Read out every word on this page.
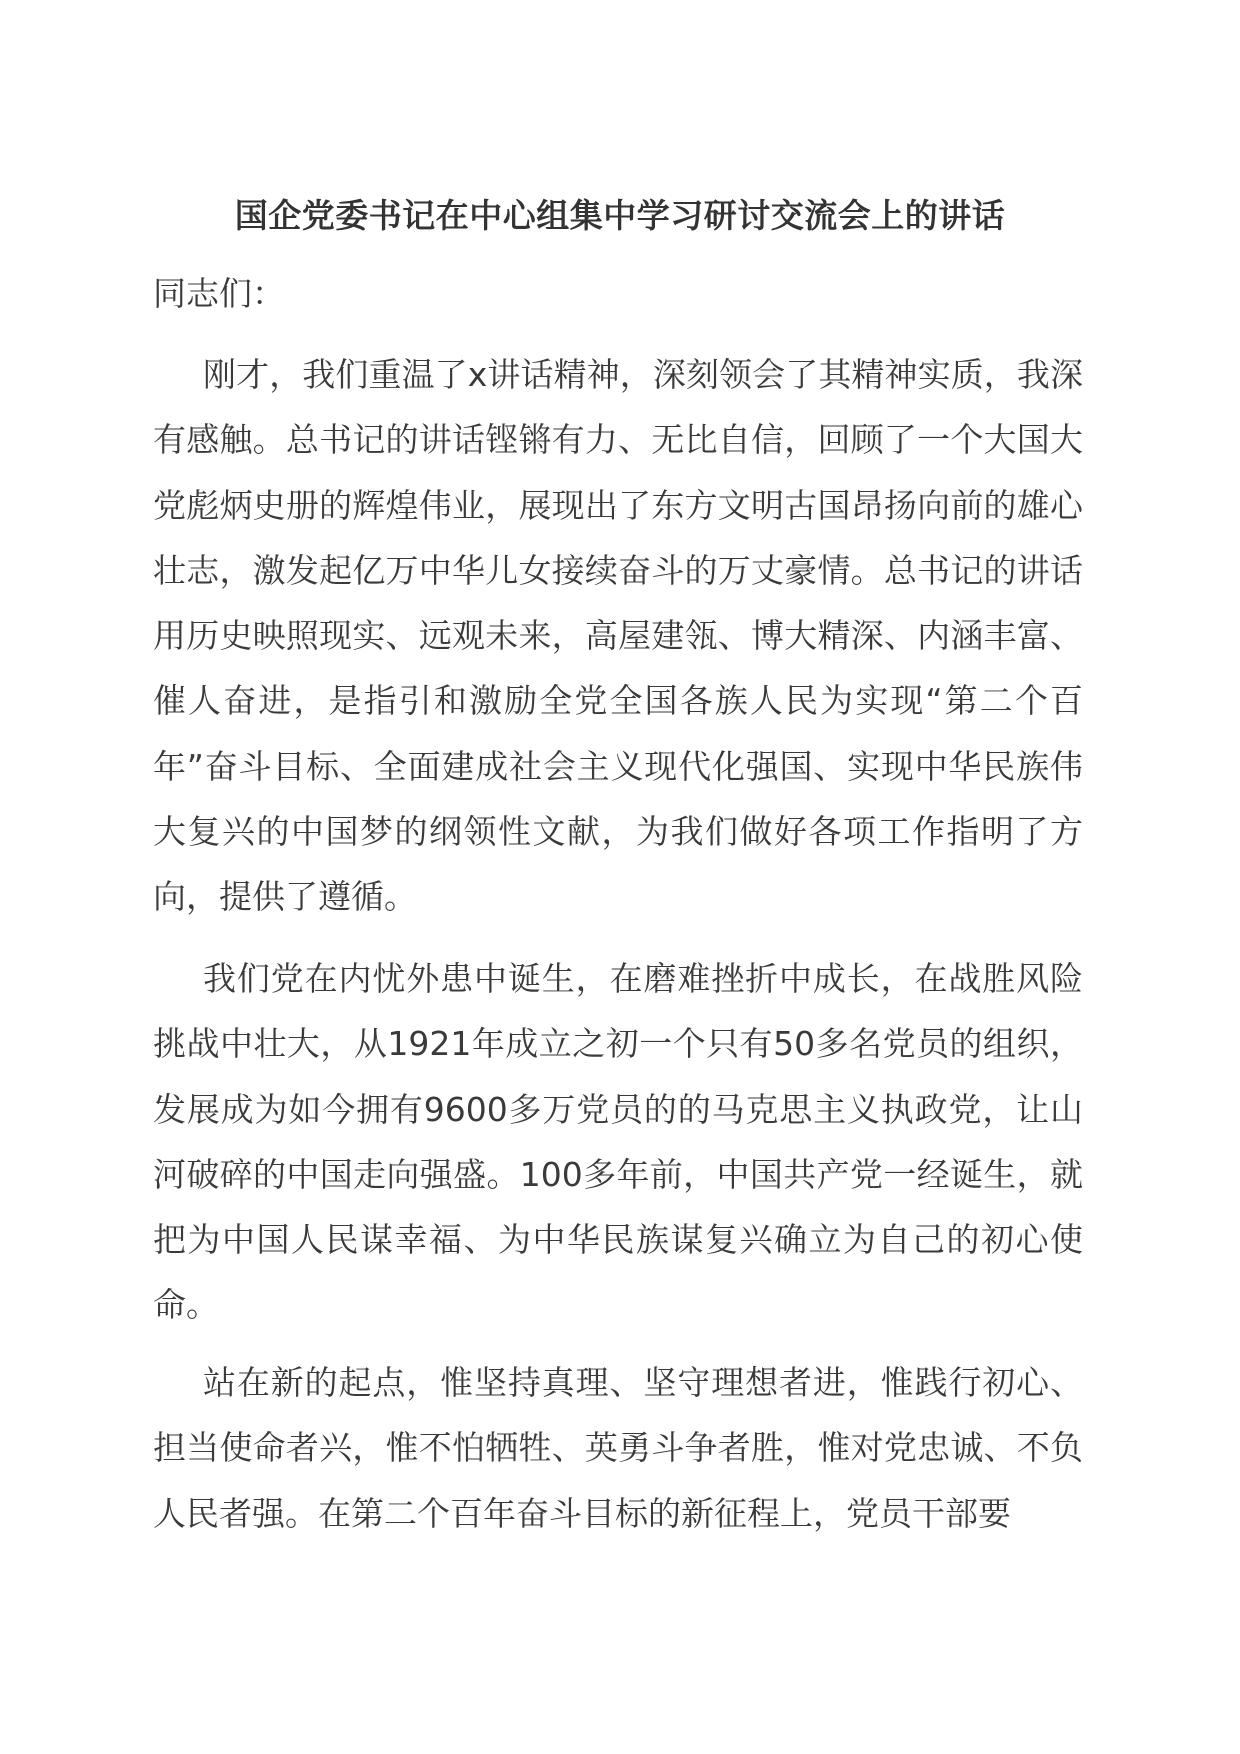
国企党委书记在中心组集中学习研讨交流会上的讲话
同志们：
刚才，我们重温了x讲话精神，深刻领会了其精神实质，我深有感触。总书记的讲话铿锵有力、无比自信，回顾了一个大国大党彪炳史册的辉煌伟业，展现出了东方文明古国昂扬向前的雄心壮志，激发起亿万中华儿女接续奋斗的万丈豪情。总书记的讲话用历史映照现实、远观未来，高屋建瓴、博大精深、内涵丰富、催人奋进，是指引和激励全党全国各族人民为实现“第二个百年”奋斗目标、全面建成社会主义现代化强国、实现中华民族伟大复兴的中国梦的纲领性文献，为我们做好各项工作指明了方向，提供了遵循。
我们党在内忧外患中诞生，在磨难挫折中成长，在战胜风险挑战中壮大，从1921年成立之初一个只有50多名党员的组织，发展成为如今拥有9600多万党员的的马克思主义执政党，让山河破碎的中国走向强盛。100多年前，中国共产党一经诞生，就把为中国人民谋幸福、为中华民族谋复兴确立为自己的初心使命。
站在新的起点，惟坚持真理、坚守理想者进，惟践行初心、担当使命者兴，惟不怕牺牲、英勇斗争者胜，惟对党忠诚、不负人民者强。在第二个百年奋斗目标的新征程上，党员干部要
